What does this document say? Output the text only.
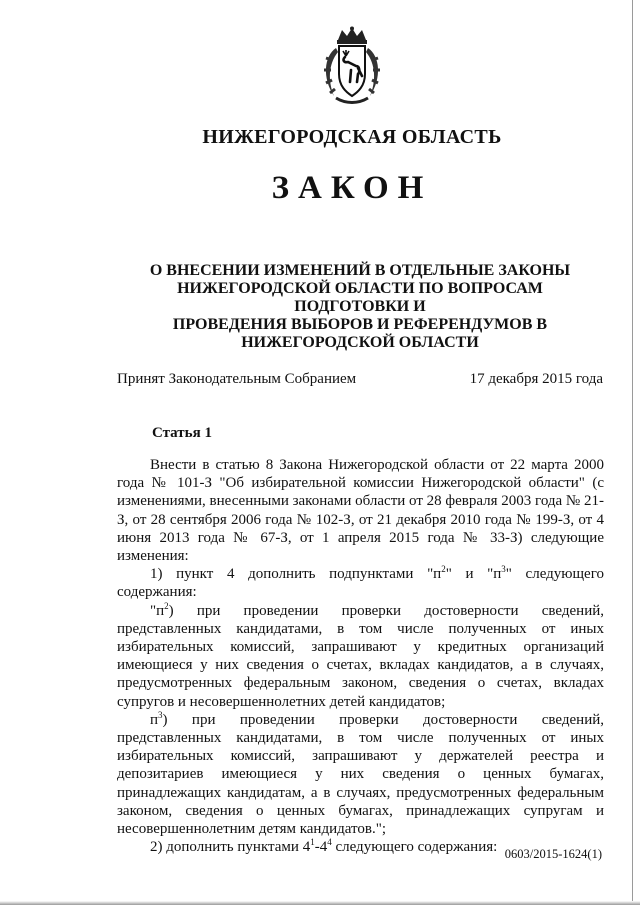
НИЖЕГОРОДСКАЯ ОБЛАСТЬ
ЗАКОН
О ВНЕСЕНИИ ИЗМЕНЕНИЙ В ОТДЕЛЬНЫЕ ЗАКОНЫ
НИЖЕГОРОДСКОЙ ОБЛАСТИ ПО ВОПРОСАМ ПОДГОТОВКИ И
ПРОВЕДЕНИЯ ВЫБОРОВ И РЕФЕРЕНДУМОВ В
НИЖЕГОРОДСКОЙ ОБЛАСТИ
Принят Законодательным Собранием	17 декабря 2015 года
Статья 1

Внести в статью 8 Закона Нижегородской области от 22 марта 2000 года № 101-З "Об избирательной комиссии Нижегородской области" (с изменениями, внесенными законами области от 28 февраля 2003 года № 21-З, от 28 сентября 2006 года № 102-З, от 21 декабря 2010 года № 199-З, от 4 июня 2013 года № 67-З, от 1 апреля 2015 года № 33-З) следующие изменения:

1) пункт 4 дополнить подпунктами "$п^2$" и "$п^3$" следующего содержания:

"$п^2$) при проведении проверки достоверности сведений, представленных кандидатами, в том числе полученных от иных избирательных комиссий, запрашивают у кредитных организаций имеющиеся у них сведения о счетах, вкладах кандидатов, а в случаях, предусмотренных федеральным законом, сведения о счетах, вкладах супругов и несовершеннолетних детей кандидатов;

$п^3$) при проведении проверки достоверности сведений, представленных кандидатами, в том числе полученных от иных избирательных комиссий, запрашивают у держателей реестра и депозитариев имеющиеся у них сведения о ценных бумагах, принадлежащих кандидатам, а в случаях, предусмотренных федеральным законом, сведения о ценных бумагах, принадлежащих супругам и несовершеннолетним детям кандидатов.";

2) дополнить пунктами $4^1-4^4$ следующего содержания: 0603/2015-1624(1)
